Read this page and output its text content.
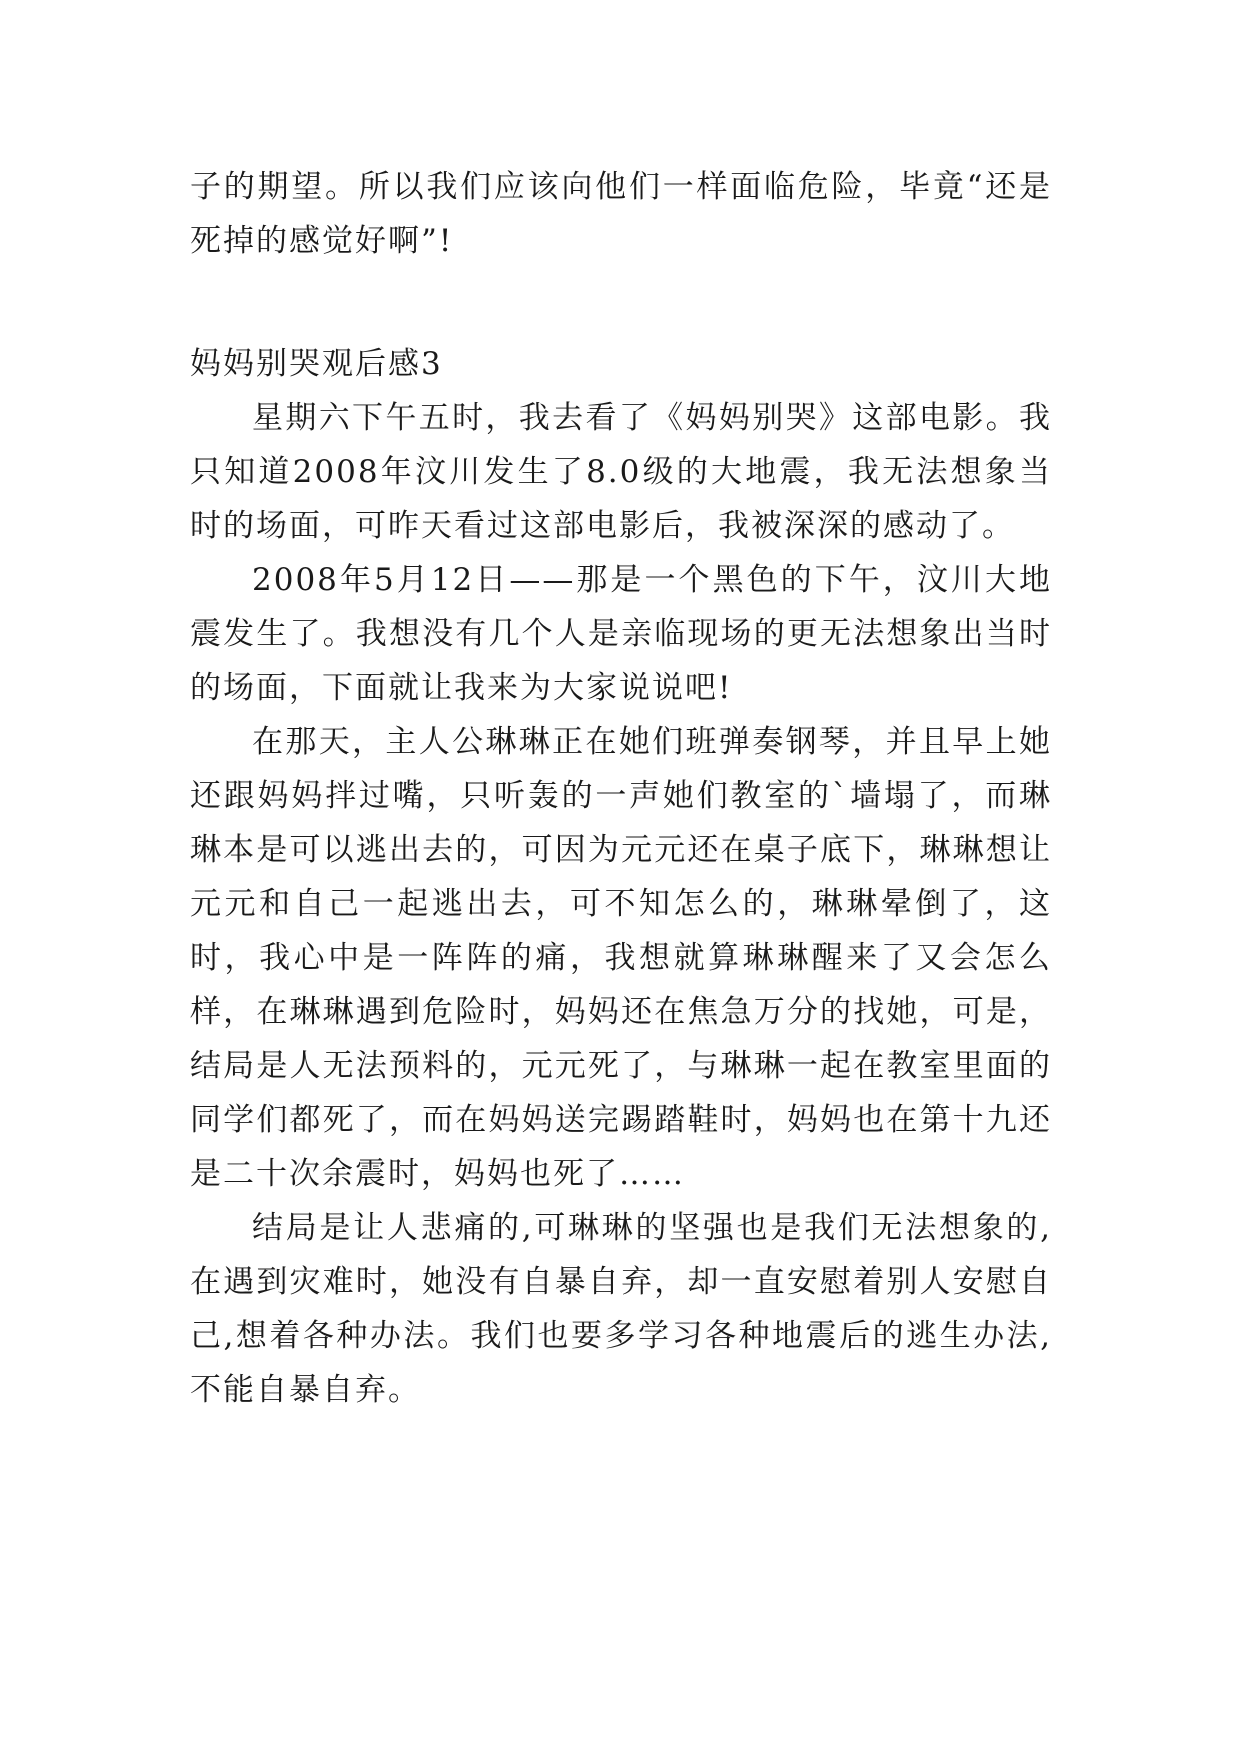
子的期望。所以我们应该向他们一样面临危险，毕竟“还是死掉的感觉好啊”!

妈妈别哭观后感3

星期六下午五时，我去看了《妈妈别哭》这部电影。我只知道2008年汶川发生了8.0级的大地震，我无法想象当时的场面，可昨天看过这部电影后，我被深深的感动了。

2008年5月12日——那是一个黑色的下午，汶川大地震发生了。我想没有几个人是亲临现场的更无法想象出当时的场面，下面就让我来为大家说说吧!

在那天，主人公琳琳正在她们班弹奏钢琴，并且早上她还跟妈妈拌过嘴，只听轰的一声她们教室的`墙塌了，而琳琳本是可以逃出去的，可因为元元还在桌子底下，琳琳想让元元和自己一起逃出去，可不知怎么的，琳琳晕倒了，这时，我心中是一阵阵的痛，我想就算琳琳醒来了又会怎么样，在琳琳遇到危险时，妈妈还在焦急万分的找她，可是，结局是人无法预料的，元元死了，与琳琳一起在教室里面的同学们都死了，而在妈妈送完踢踏鞋时，妈妈也在第十九还是二十次余震时，妈妈也死了……

结局是让人悲痛的,可琳琳的坚强也是我们无法想象的,在遇到灾难时，她没有自暴自弃，却一直安慰着别人安慰自己,想着各种办法。我们也要多学习各种地震后的逃生办法,不能自暴自弃。
